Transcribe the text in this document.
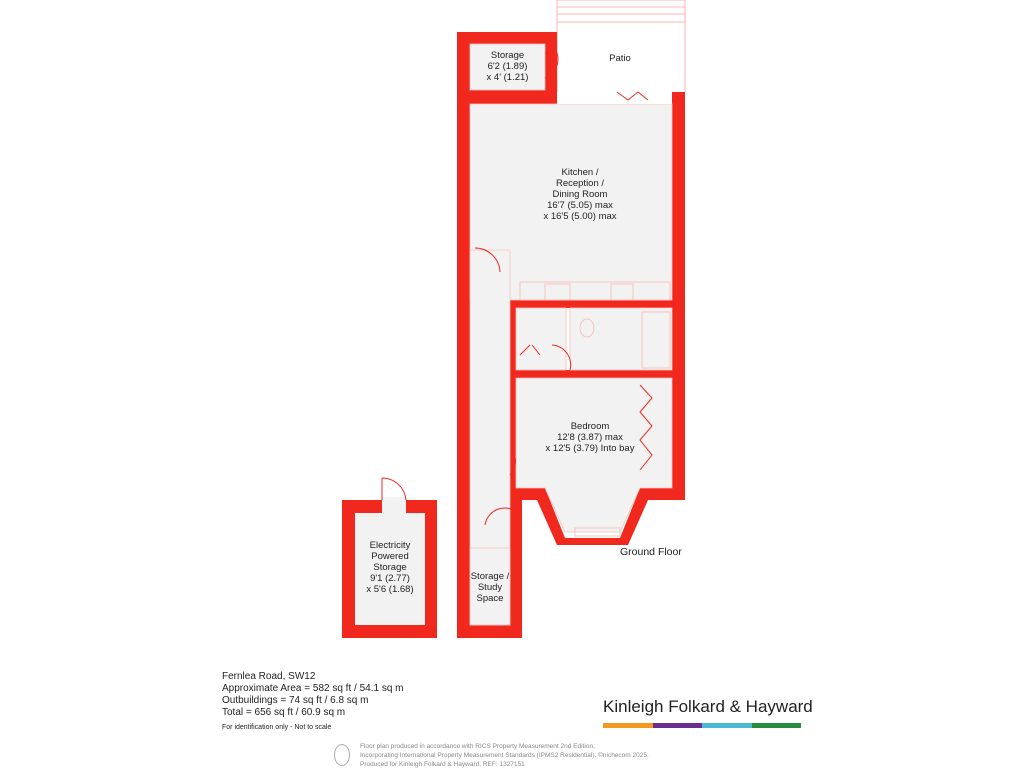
Storage
6'2 (1.89)
x 4' (1.21)
Patio
Kitchen /
Reception /
Dining Room
16'7 (5.05) max
x 16'5 (5.00) max
Bedroom
12'8 (3.87) max
x 12'5 (3.79) Into bay
Ground Floor
Electricity
Powered
Storage
9'1 (2.77)
x 5'6 (1.68)
Storage /
Study
Space
Fernlea Road, SW12
Approximate Area = 582 sq ft / 54.1 sq m
Outbuildings = 74 sq ft / 6.8 sq m
Total = 656 sq ft / 60.9 sq m
For identification only - Not to scale
Kinleigh Folkard & Hayward
Floor plan produced in accordance with RICS Property Measurement 2nd Edition,
Incorporating International Property Measurement Standards (IPMS2 Residential). ©nichecom 2025.
Produced for Kinleigh Folkard & Hayward. REF: 1327151
